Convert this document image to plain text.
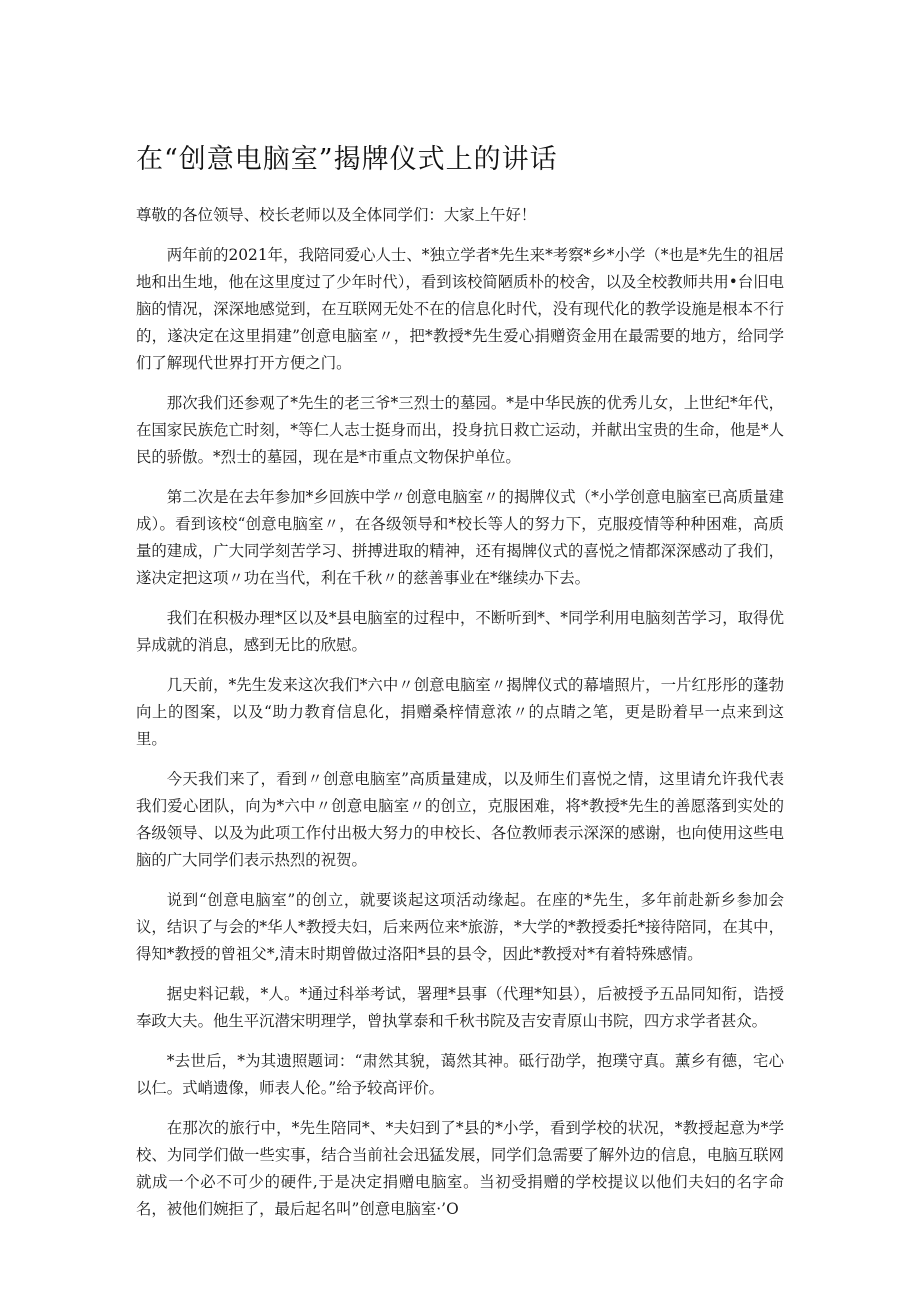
在“创意电脑室”揭牌仪式上的讲话

尊敬的各位领导、校长老师以及全体同学们：大家上午好！

两年前的2021年，我陪同爱心人士、*独立学者*先生来*考察*乡*小学（*也是*先生的祖居地和出生地，他在这里度过了少年时代），看到该校简陋质朴的校舍，以及全校教师共用•台旧电脑的情况，深深地感觉到，在互联网无处不在的信息化时代，没有现代化的教学设施是根本不行的，遂决定在这里捐建”创意电脑室〃，把*教授*先生爱心捐赠资金用在最需要的地方，给同学们了解现代世界打开方便之门。

那次我们还参观了*先生的老三爷*三烈士的墓园。*是中华民族的优秀儿女，上世纪*年代，在国家民族危亡时刻，*等仁人志士挺身而出，投身抗日救亡运动，并献出宝贵的生命，他是*人民的骄傲。*烈士的墓园，现在是*市重点文物保护单位。

第二次是在去年参加*乡回族中学〃创意电脑室〃的揭牌仪式（*小学创意电脑室已高质量建成）。看到该校“创意电脑室〃，在各级领导和*校长等人的努力下，克服疫情等种种困难，高质量的建成，广大同学刻苦学习、拼搏进取的精神，还有揭牌仪式的喜悦之情都深深感动了我们，遂决定把这项〃功在当代，利在千秋〃的慈善事业在*继续办下去。

我们在积极办理*区以及*县电脑室的过程中，不断听到*、*同学利用电脑刻苦学习，取得优异成就的消息，感到无比的欣慰。

几天前，*先生发来这次我们*六中〃创意电脑室〃揭牌仪式的幕墙照片，一片红彤彤的蓬勃向上的图案，以及“助力教育信息化，捐赠桑梓情意浓〃的点睛之笔，更是盼着早一点来到这里。

今天我们来了，看到〃创意电脑室”高质量建成，以及师生们喜悦之情，这里请允许我代表我们爱心团队，向为*六中〃创意电脑室〃的创立，克服困难，将*教授*先生的善愿落到实处的各级领导、以及为此项工作付出极大努力的申校长、各位教师表示深深的感谢，也向使用这些电脑的广大同学们表示热烈的祝贺。

说到“创意电脑室”的创立，就要谈起这项活动缘起。在座的*先生，多年前赴新乡参加会议，结识了与会的*华人*教授夫妇，后来两位来*旅游，*大学的*教授委托*接待陪同，在其中，得知*教授的曾祖父*,清末时期曾做过洛阳*县的县令，因此*教授对*有着特殊感情。

据史料记载，*人。*通过科举考试，署理*县事（代理*知县），后被授予五品同知衔，诰授奉政大夫。他生平沉潜宋明理学，曾执掌泰和千秋书院及吉安青原山书院，四方求学者甚众。

*去世后，*为其遗照题词：“肃然其貌，蔼然其神。砥行劭学，抱璞守真。薰乡有德，宅心以仁。式峭遗像，师表人伦。”给予较高评价。

在那次的旅行中，*先生陪同*、*夫妇到了*县的*小学，看到学校的状况，*教授起意为*学校、为同学们做一些实事，结合当前社会迅猛发展，同学们急需要了解外边的信息，电脑互联网就成一个必不可少的硬件,于是决定捐赠电脑室。当初受捐赠的学校提议以他们夫妇的名字命名，被他们婉拒了，最后起名叫”创意电脑室·’O
